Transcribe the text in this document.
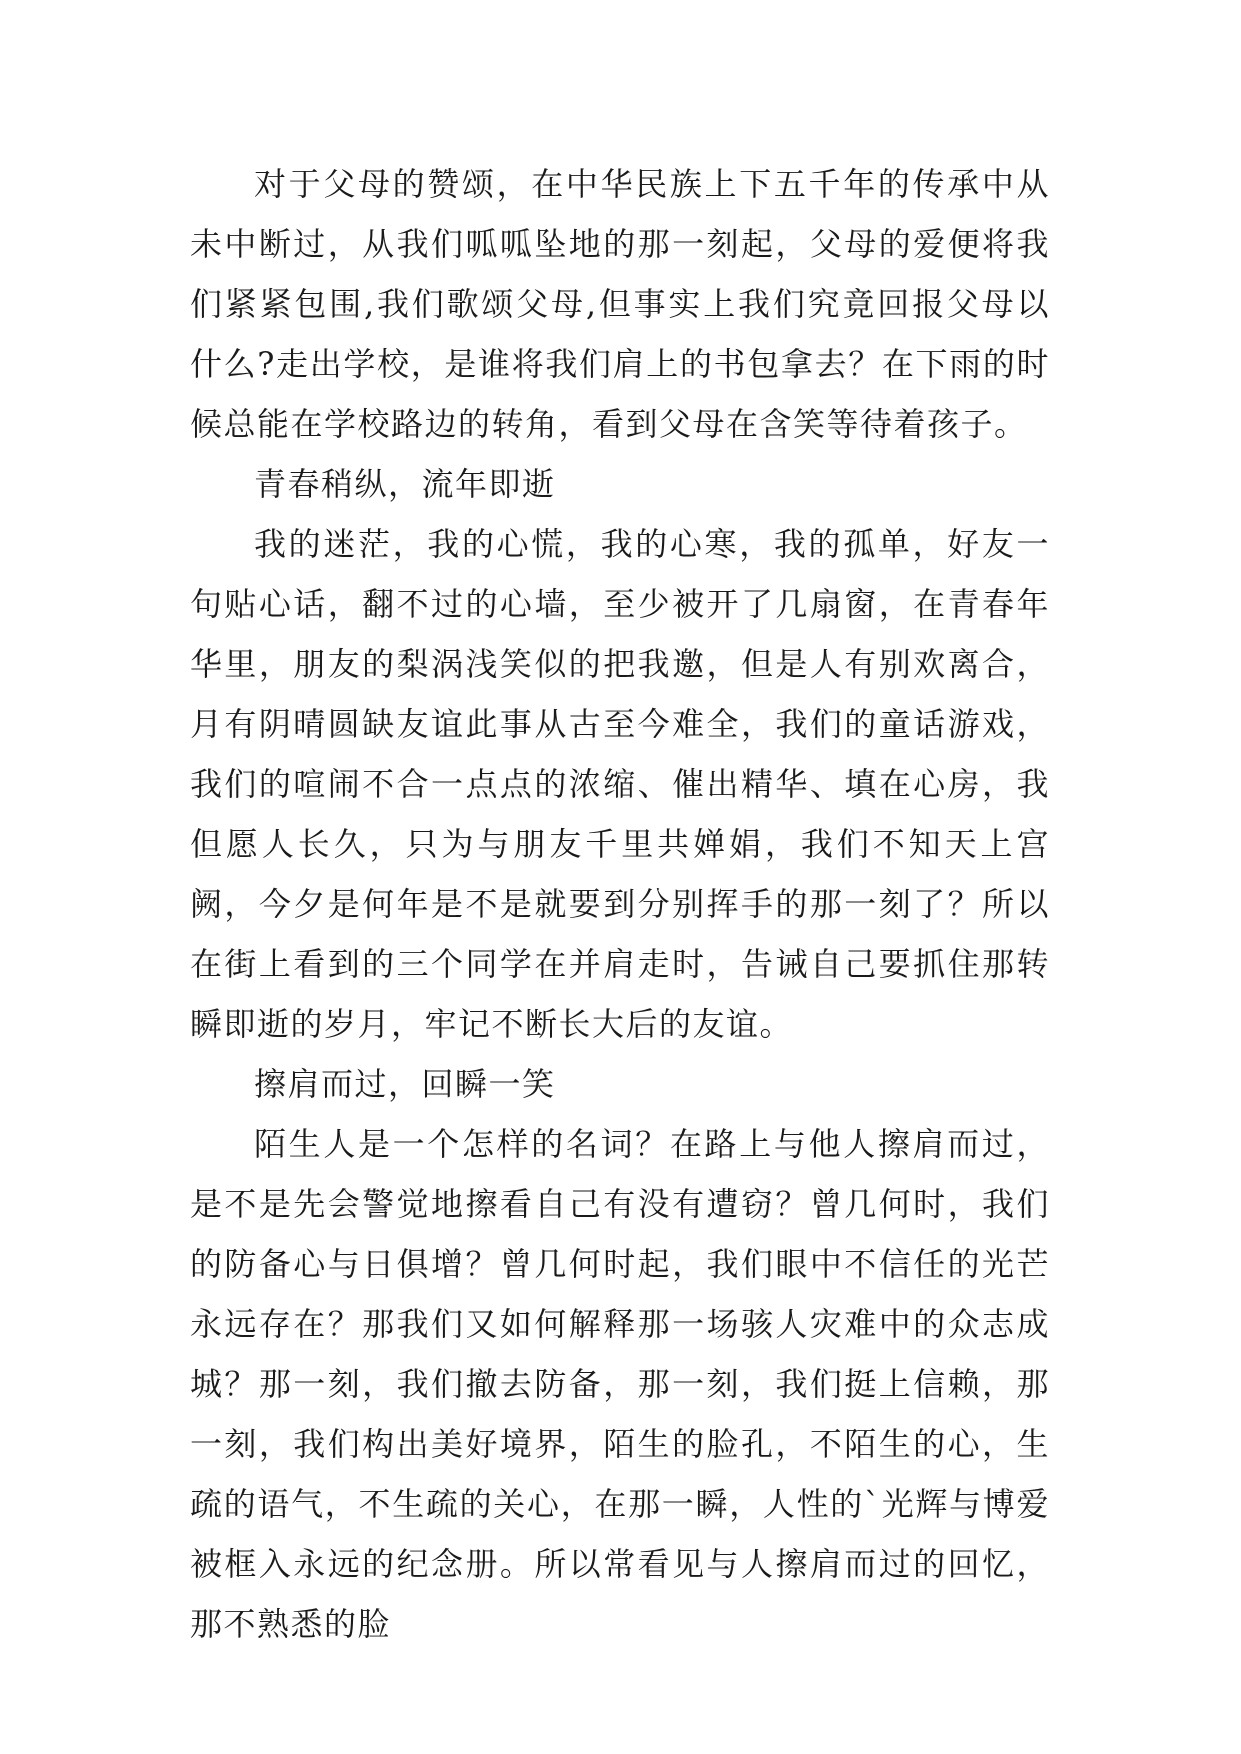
对于父母的赞颂，在中华民族上下五千年的传承中从未中断过，从我们呱呱坠地的那一刻起，父母的爱便将我们紧紧包围,我们歌颂父母,但事实上我们究竟回报父母以什么?走出学校，是谁将我们肩上的书包拿去？在下雨的时候总能在学校路边的转角，看到父母在含笑等待着孩子。

青春稍纵，流年即逝

我的迷茫，我的心慌，我的心寒，我的孤单，好友一句贴心话，翻不过的心墙，至少被开了几扇窗，在青春年华里，朋友的梨涡浅笑似的把我邀，但是人有别欢离合，月有阴晴圆缺友谊此事从古至今难全，我们的童话游戏，我们的喧闹不合一点点的浓缩、催出精华、填在心房，我但愿人长久，只为与朋友千里共婵娟，我们不知天上宫阙，今夕是何年是不是就要到分别挥手的那一刻了？所以在街上看到的三个同学在并肩走时，告诫自己要抓住那转瞬即逝的岁月，牢记不断长大后的友谊。

擦肩而过，回瞬一笑

陌生人是一个怎样的名词？在路上与他人擦肩而过，是不是先会警觉地擦看自己有没有遭窃？曾几何时，我们的防备心与日俱增？曾几何时起，我们眼中不信任的光芒永远存在？那我们又如何解释那一场骇人灾难中的众志成城？那一刻，我们撤去防备，那一刻，我们挺上信赖，那一刻，我们构出美好境界，陌生的脸孔，不陌生的心，生疏的语气，不生疏的关心，在那一瞬，人性的`光辉与博爱被框入永远的纪念册。所以常看见与人擦肩而过的回忆，那不熟悉的脸
